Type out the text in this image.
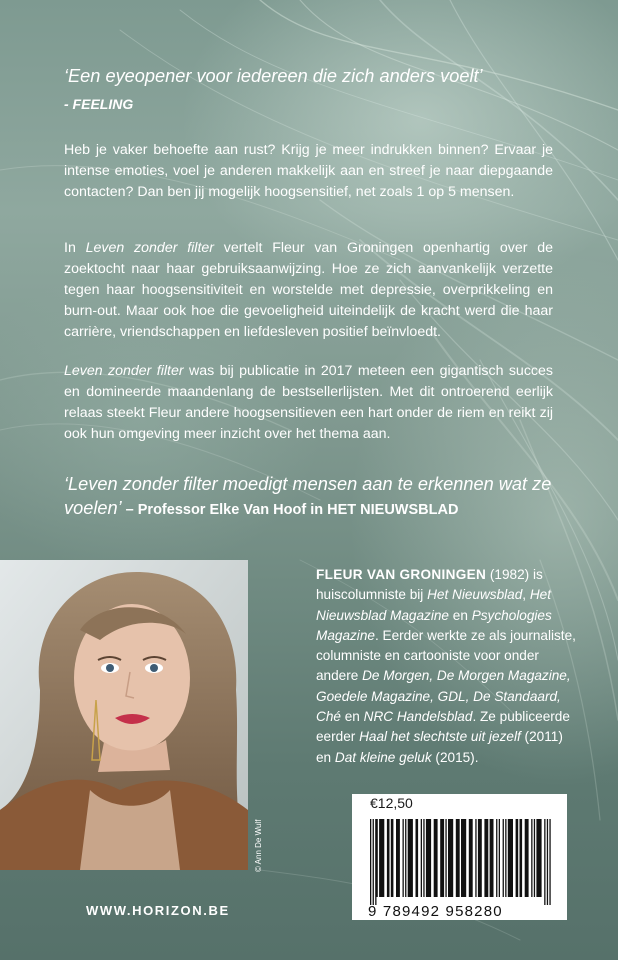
‘Een eyeopener voor iedereen die zich anders voelt’

- FEELING

Heb je vaker behoefte aan rust? Krijg je meer indrukken binnen? Ervaar je intense emoties, voel je anderen makkelijk aan en streef je naar diepgaande contacten? Dan ben jij mogelijk hoogsensitief, net zoals 1 op 5 mensen.

In Leven zonder filter vertelt Fleur van Groningen openhartig over de zoektocht naar haar gebruiksaanwijzing. Hoe ze zich aanvankelijk verzette tegen haar hoogsensitiviteit en worstelde met depressie, overprikkeling en burn-out. Maar ook hoe die gevoeligheid uiteindelijk de kracht werd die haar carrière, vriendschappen en liefdesleven positief beïnvloedt.

Leven zonder filter was bij publicatie in 2017 meteen een gigantisch succes en domineerde maandenlang de bestsellerlijsten. Met dit ontroerend eerlijk relaas steekt Fleur andere hoogsensitieven een hart onder de riem en reikt zij ook hun omgeving meer inzicht over het thema aan.

‘Leven zonder filter moedigt mensen aan te erkennen wat ze voelen’ – Professor Elke Van Hoof in HET NIEUWSBLAD

© Ann De Wulf

FLEUR VAN GRONINGEN (1982) is huiscolumniste bij Het Nieuwsblad, Het Nieuwsblad Magazine en Psychologies Magazine. Eerder werkte ze als journaliste, columniste en cartooniste voor onder andere De Morgen, De Morgen Magazine, Goedele Magazine, GDL, De Standaard, Ché en NRC Handelsblad. Ze publiceerde eerder Haal het slechtste uit jezelf (2011) en Dat kleine geluk (2015).

€12,50
9 789492 958280

WWW.HORIZON.BE
